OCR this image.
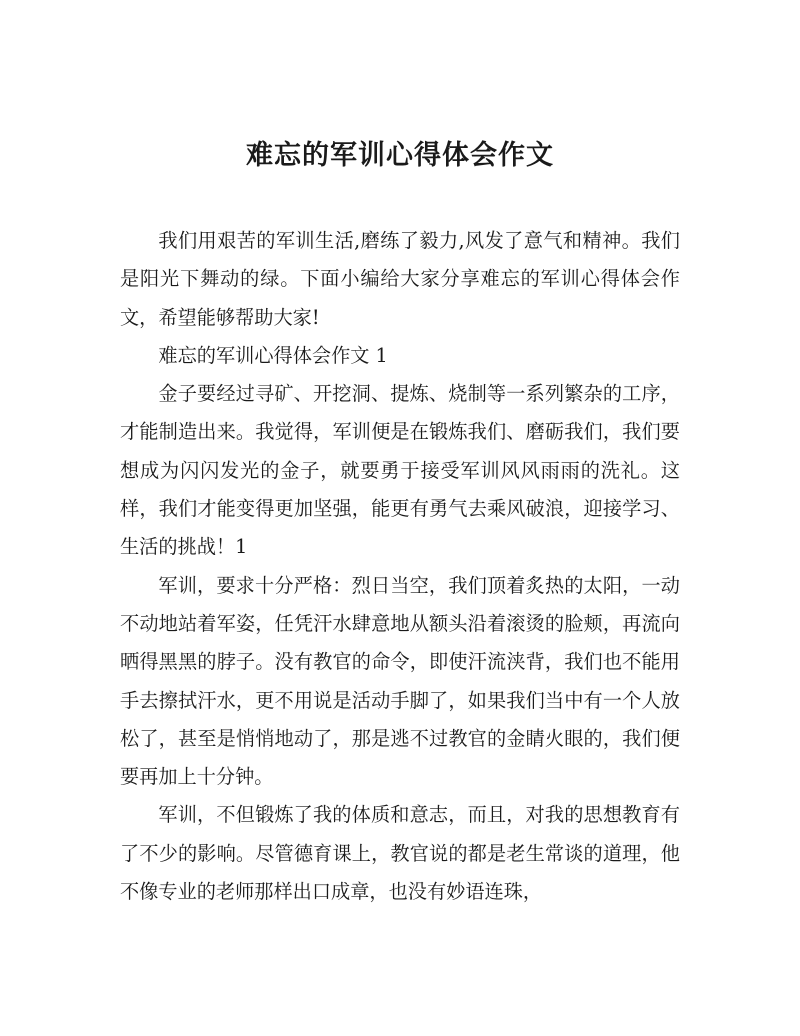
难忘的军训心得体会作文

我们用艰苦的军训生活,磨练了毅力,风发了意气和精神。我们是阳光下舞动的绿。下面小编给大家分享难忘的军训心得体会作文，希望能够帮助大家!

难忘的军训心得体会作文 1

金子要经过寻矿、开挖洞、提炼、烧制等一系列繁杂的工序，才能制造出来。我觉得，军训便是在锻炼我们、磨砺我们，我们要想成为闪闪发光的金子，就要勇于接受军训风风雨雨的洗礼。这样，我们才能变得更加坚强，能更有勇气去乘风破浪，迎接学习、生活的挑战！1

军训，要求十分严格：烈日当空，我们顶着炙热的太阳，一动不动地站着军姿，任凭汗水肆意地从额头沿着滚烫的脸颊，再流向晒得黑黑的脖子。没有教官的命令，即使汗流浃背，我们也不能用手去擦拭汗水，更不用说是活动手脚了，如果我们当中有一个人放松了，甚至是悄悄地动了，那是逃不过教官的金睛火眼的，我们便要再加上十分钟。

军训，不但锻炼了我的体质和意志，而且，对我的思想教育有了不少的影响。尽管德育课上，教官说的都是老生常谈的道理，他不像专业的老师那样出口成章，也没有妙语连珠，
